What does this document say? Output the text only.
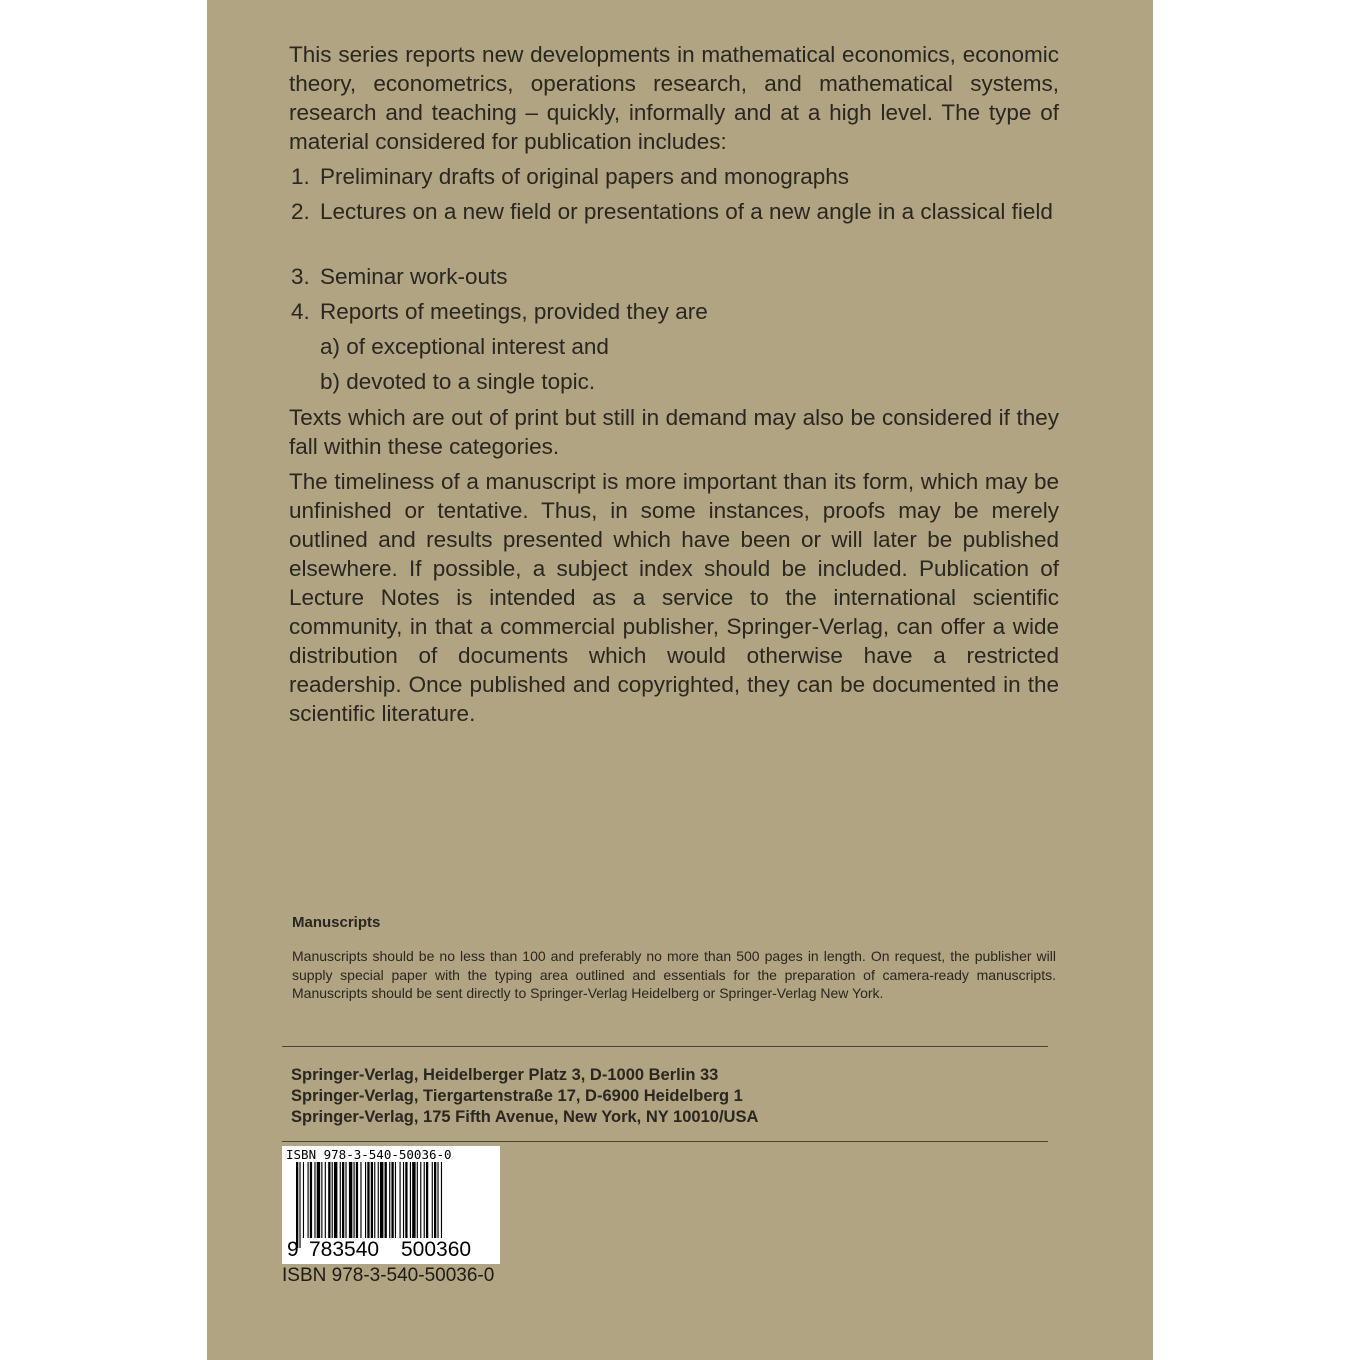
This series reports new developments in mathematical economics, economic theory, econometrics, operations research, and mathematical systems, research and teaching – quickly, informally and at a high level. The type of material considered for publication includes:

1. Preliminary drafts of original papers and monographs
2. Lectures on a new field or presentations of a new angle in a classical field
3. Seminar work-outs
4. Reports of meetings, provided they are
a) of exceptional interest and
b) devoted to a single topic.

Texts which are out of print but still in demand may also be considered if they fall within these categories.

The timeliness of a manuscript is more important than its form, which may be unfinished or tentative. Thus, in some instances, proofs may be merely outlined and results presented which have been or will later be published elsewhere. If possible, a subject index should be included. Publication of Lecture Notes is intended as a service to the international scientific community, in that a commercial publisher, Springer-Verlag, can offer a wide distribution of documents which would otherwise have a restricted readership. Once published and copyrighted, they can be documented in the scientific literature.

Manuscripts

Manuscripts should be no less than 100 and preferably no more than 500 pages in length. On request, the publisher will supply special paper with the typing area outlined and essentials for the preparation of camera-ready manuscripts. Manuscripts should be sent directly to Springer-Verlag Heidelberg or Springer-Verlag New York.

Springer-Verlag, Heidelberger Platz 3, D-1000 Berlin 33
Springer-Verlag, Tiergartenstraße 17, D-6900 Heidelberg 1
Springer-Verlag, 175 Fifth Avenue, New York, NY 10010/USA
ISBN 978-3-540-50036-0
9 783540 500360
ISBN 978-3-540-50036-0
